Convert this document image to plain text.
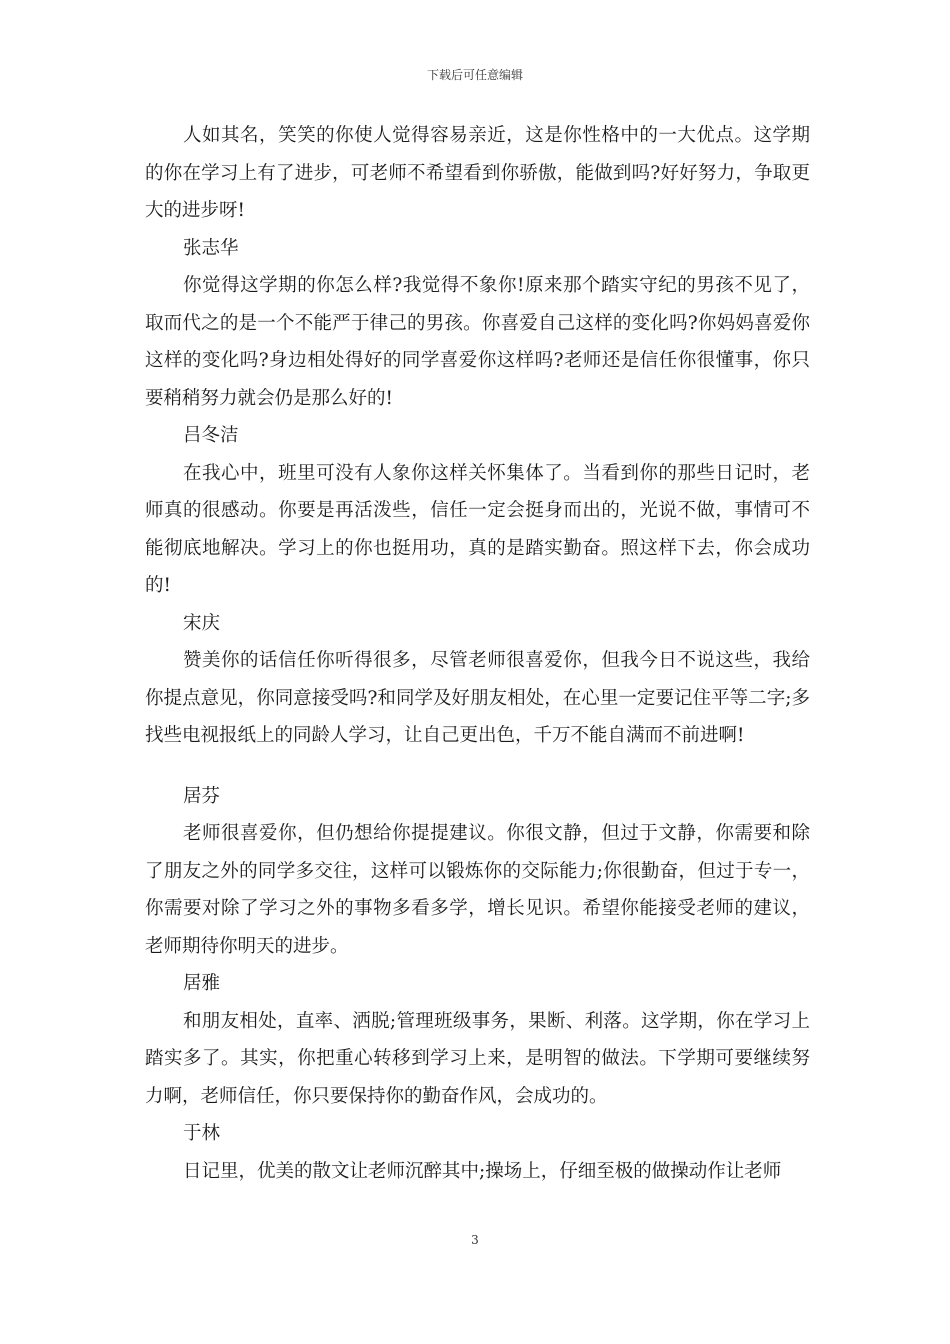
下载后可任意编辑

人如其名，笑笑的你使人觉得容易亲近，这是你性格中的一大优点。这学期的你在学习上有了进步，可老师不希望看到你骄傲，能做到吗?好好努力，争取更大的进步呀!

张志华

你觉得这学期的你怎么样?我觉得不象你!原来那个踏实守纪的男孩不见了，取而代之的是一个不能严于律己的男孩。你喜爱自己这样的变化吗?你妈妈喜爱你这样的变化吗?身边相处得好的同学喜爱你这样吗?老师还是信任你很懂事，你只要稍稍努力就会仍是那么好的!

吕冬洁

在我心中，班里可没有人象你这样关怀集体了。当看到你的那些日记时，老师真的很感动。你要是再活泼些，信任一定会挺身而出的，光说不做，事情可不能彻底地解决。学习上的你也挺用功，真的是踏实勤奋。照这样下去，你会成功的!

宋庆

赞美你的话信任你听得很多，尽管老师很喜爱你，但我今日不说这些，我给你提点意见，你同意接受吗?和同学及好朋友相处，在心里一定要记住平等二字;多找些电视报纸上的同龄人学习，让自己更出色，千万不能自满而不前进啊!

居芬

老师很喜爱你，但仍想给你提提建议。你很文静，但过于文静，你需要和除了朋友之外的同学多交往，这样可以锻炼你的交际能力;你很勤奋，但过于专一，你需要对除了学习之外的事物多看多学，增长见识。希望你能接受老师的建议，老师期待你明天的进步。

居雅

和朋友相处，直率、洒脱;管理班级事务，果断、利落。这学期，你在学习上踏实多了。其实，你把重心转移到学习上来，是明智的做法。下学期可要继续努力啊，老师信任，你只要保持你的勤奋作风，会成功的。

于林

日记里，优美的散文让老师沉醉其中;操场上，仔细至极的做操动作让老师

3
